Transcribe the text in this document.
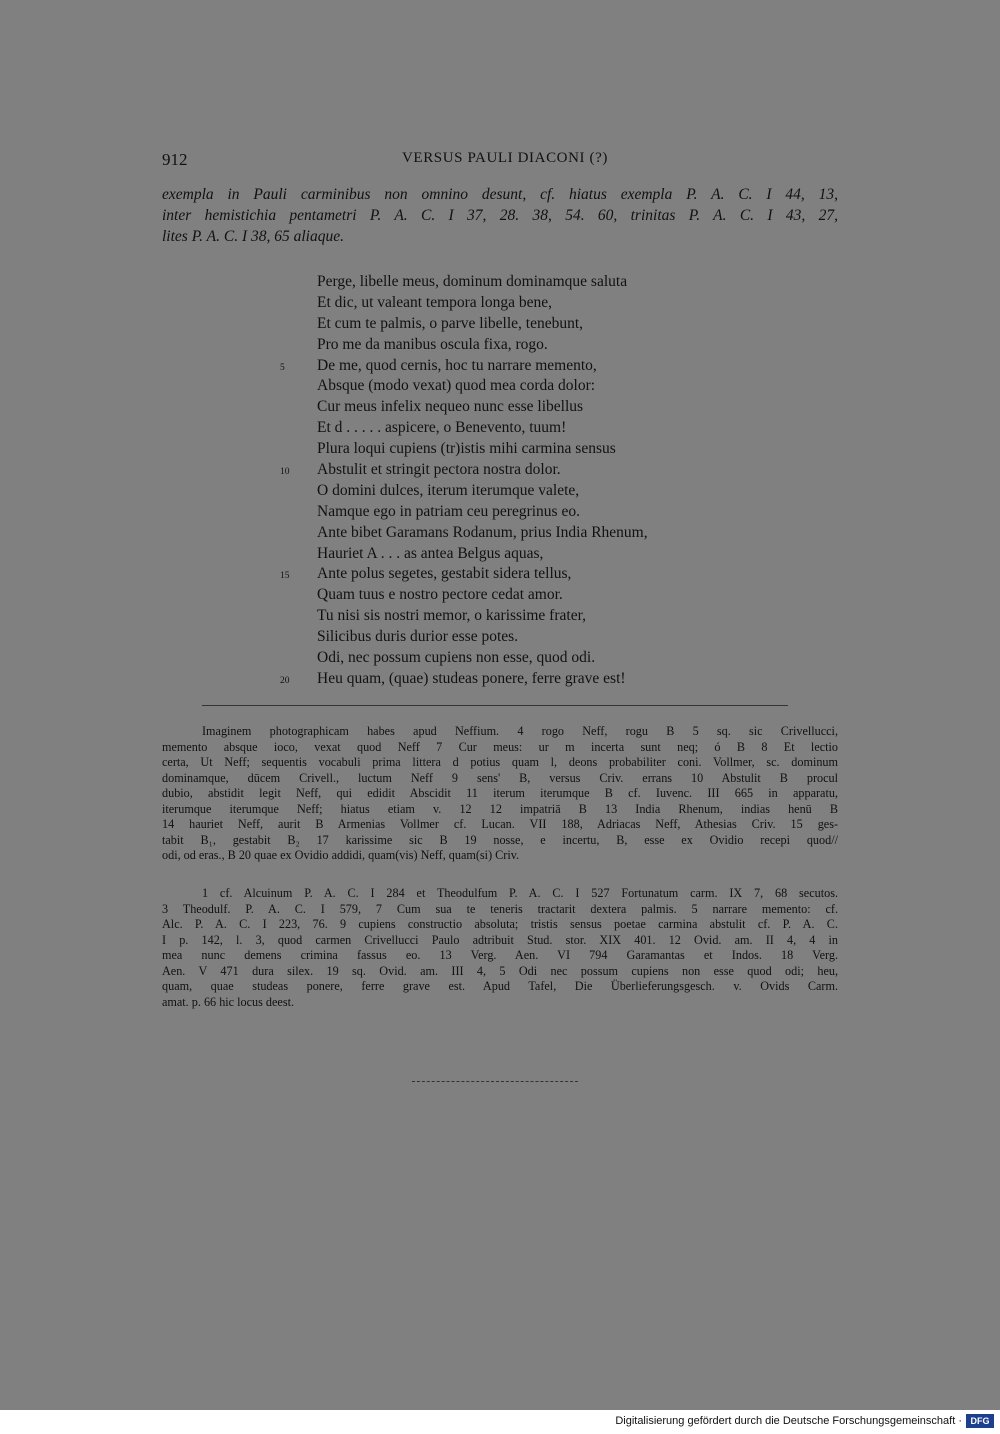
912	VERSUS PAULI DIACONI (?)
exempla in Pauli carminibus non omnino desunt, cf. hiatus exempla P. A. C. I 44, 13,
inter hemistichia pentametri P. A. C. I 37, 28. 38, 54. 60, trinitas P. A. C. I 43, 27,
lites P. A. C. I 38, 65 aliaque.
Perge, libelle meus, dominum dominamque saluta
Et dic, ut valeant tempora longa bene,
Et cum te palmis, o parve libelle, tenebunt,
Pro me da manibus oscula fixa, rogo.
5	De me, quod cernis, hoc tu narrare memento,
Absque (modo vexat) quod mea corda dolor:
Cur meus infelix nequeo nunc esse libellus
Et d . . . . . aspicere, o Benevento, tuum!
Plura loqui cupiens (tr)istis mihi carmina sensus
10	Abstulit et stringit pectora nostra dolor.
O domini dulces, iterum iterumque valete,
Namque ego in patriam ceu peregrinus eo.
Ante bibet Garamans Rodanum, prius India Rhenum,
Hauriet A . . . as antea Belgus aquas,
15	Ante polus segetes, gestabit sidera tellus,
Quam tuus e nostro pectore cedat amor.
Tu nisi sis nostri memor, o karissime frater,
Silicibus duris durior esse potes.
Odi, nec possum cupiens non esse, quod odi.
20	Heu quam, (quae) studeas ponere, ferre grave est!
Imaginem photographicam habes apud Neffium. 4 rogo Neff, rogu B 5 sq. sic Crivellucci,
memento absque ioco, vexat quod Neff 7 Cur meus: ur m incerta sunt neq; ó B 8 Et lectio
certa, Ut Neff; sequentis vocabuli prima littera d potius quam l, deons probabiliter coni. Vollmer, sc. dominum
dominamque, dūcem Crivell., luctum Neff 9 sens' B, versus Criv. errans 10 Abstulit B procul
dubio, abstidit legit Neff, qui edidit Abscidit 11 iterum iterumque B cf. Iuvenc. III 665 in apparatu,
iterumque iterumque Neff; hiatus etiam v. 12 12 impatriā B 13 India Rhenum, indias henū B
14 hauriet Neff, aurit B Armenias Vollmer cf. Lucan. VII 188, Adriacas Neff, Athesias Criv. 15 ges-
tabit B₁, gestabit B₂ 17 karissime sic B 19 nosse, e incertu, B, esse ex Ovidio recepi quod//
odi, od eras., B 20 quae ex Ovidio addidi, quam(vis) Neff, quam(si) Criv.
1 cf. Alcuinum P. A. C. I 284 et Theodulfum P. A. C. I 527 Fortunatum carm. IX 7, 68 secutos.
3 Theodulf. P. A. C. I 579, 7 Cum sua te teneris tractarit dextera palmis. 5 narrare memento: cf.
Alc. P. A. C. I 223, 76. 9 cupiens constructio absoluta; tristis sensus poetae carmina abstulit cf. P. A. C.
I p. 142, l. 3, quod carmen Crivellucci Paulo adtribuit Stud. stor. XIX 401. 12 Ovid. am. II 4, 4 in
mea nunc demens crimina fassus eo. 13 Verg. Aen. VI 794 Garamantas et Indos. 18 Verg.
Aen. V 471 dura silex. 19 sq. Ovid. am. III 4, 5 Odi nec possum cupiens non esse quod odi; heu,
quam, quae studeas ponere, ferre grave est. Apud Tafel, Die Überlieferungsgesch. v. Ovids Carm.
amat. p. 66 hic locus deest.
Digitalisierung gefördert durch die Deutsche Forschungsgemeinschaft · DFG
